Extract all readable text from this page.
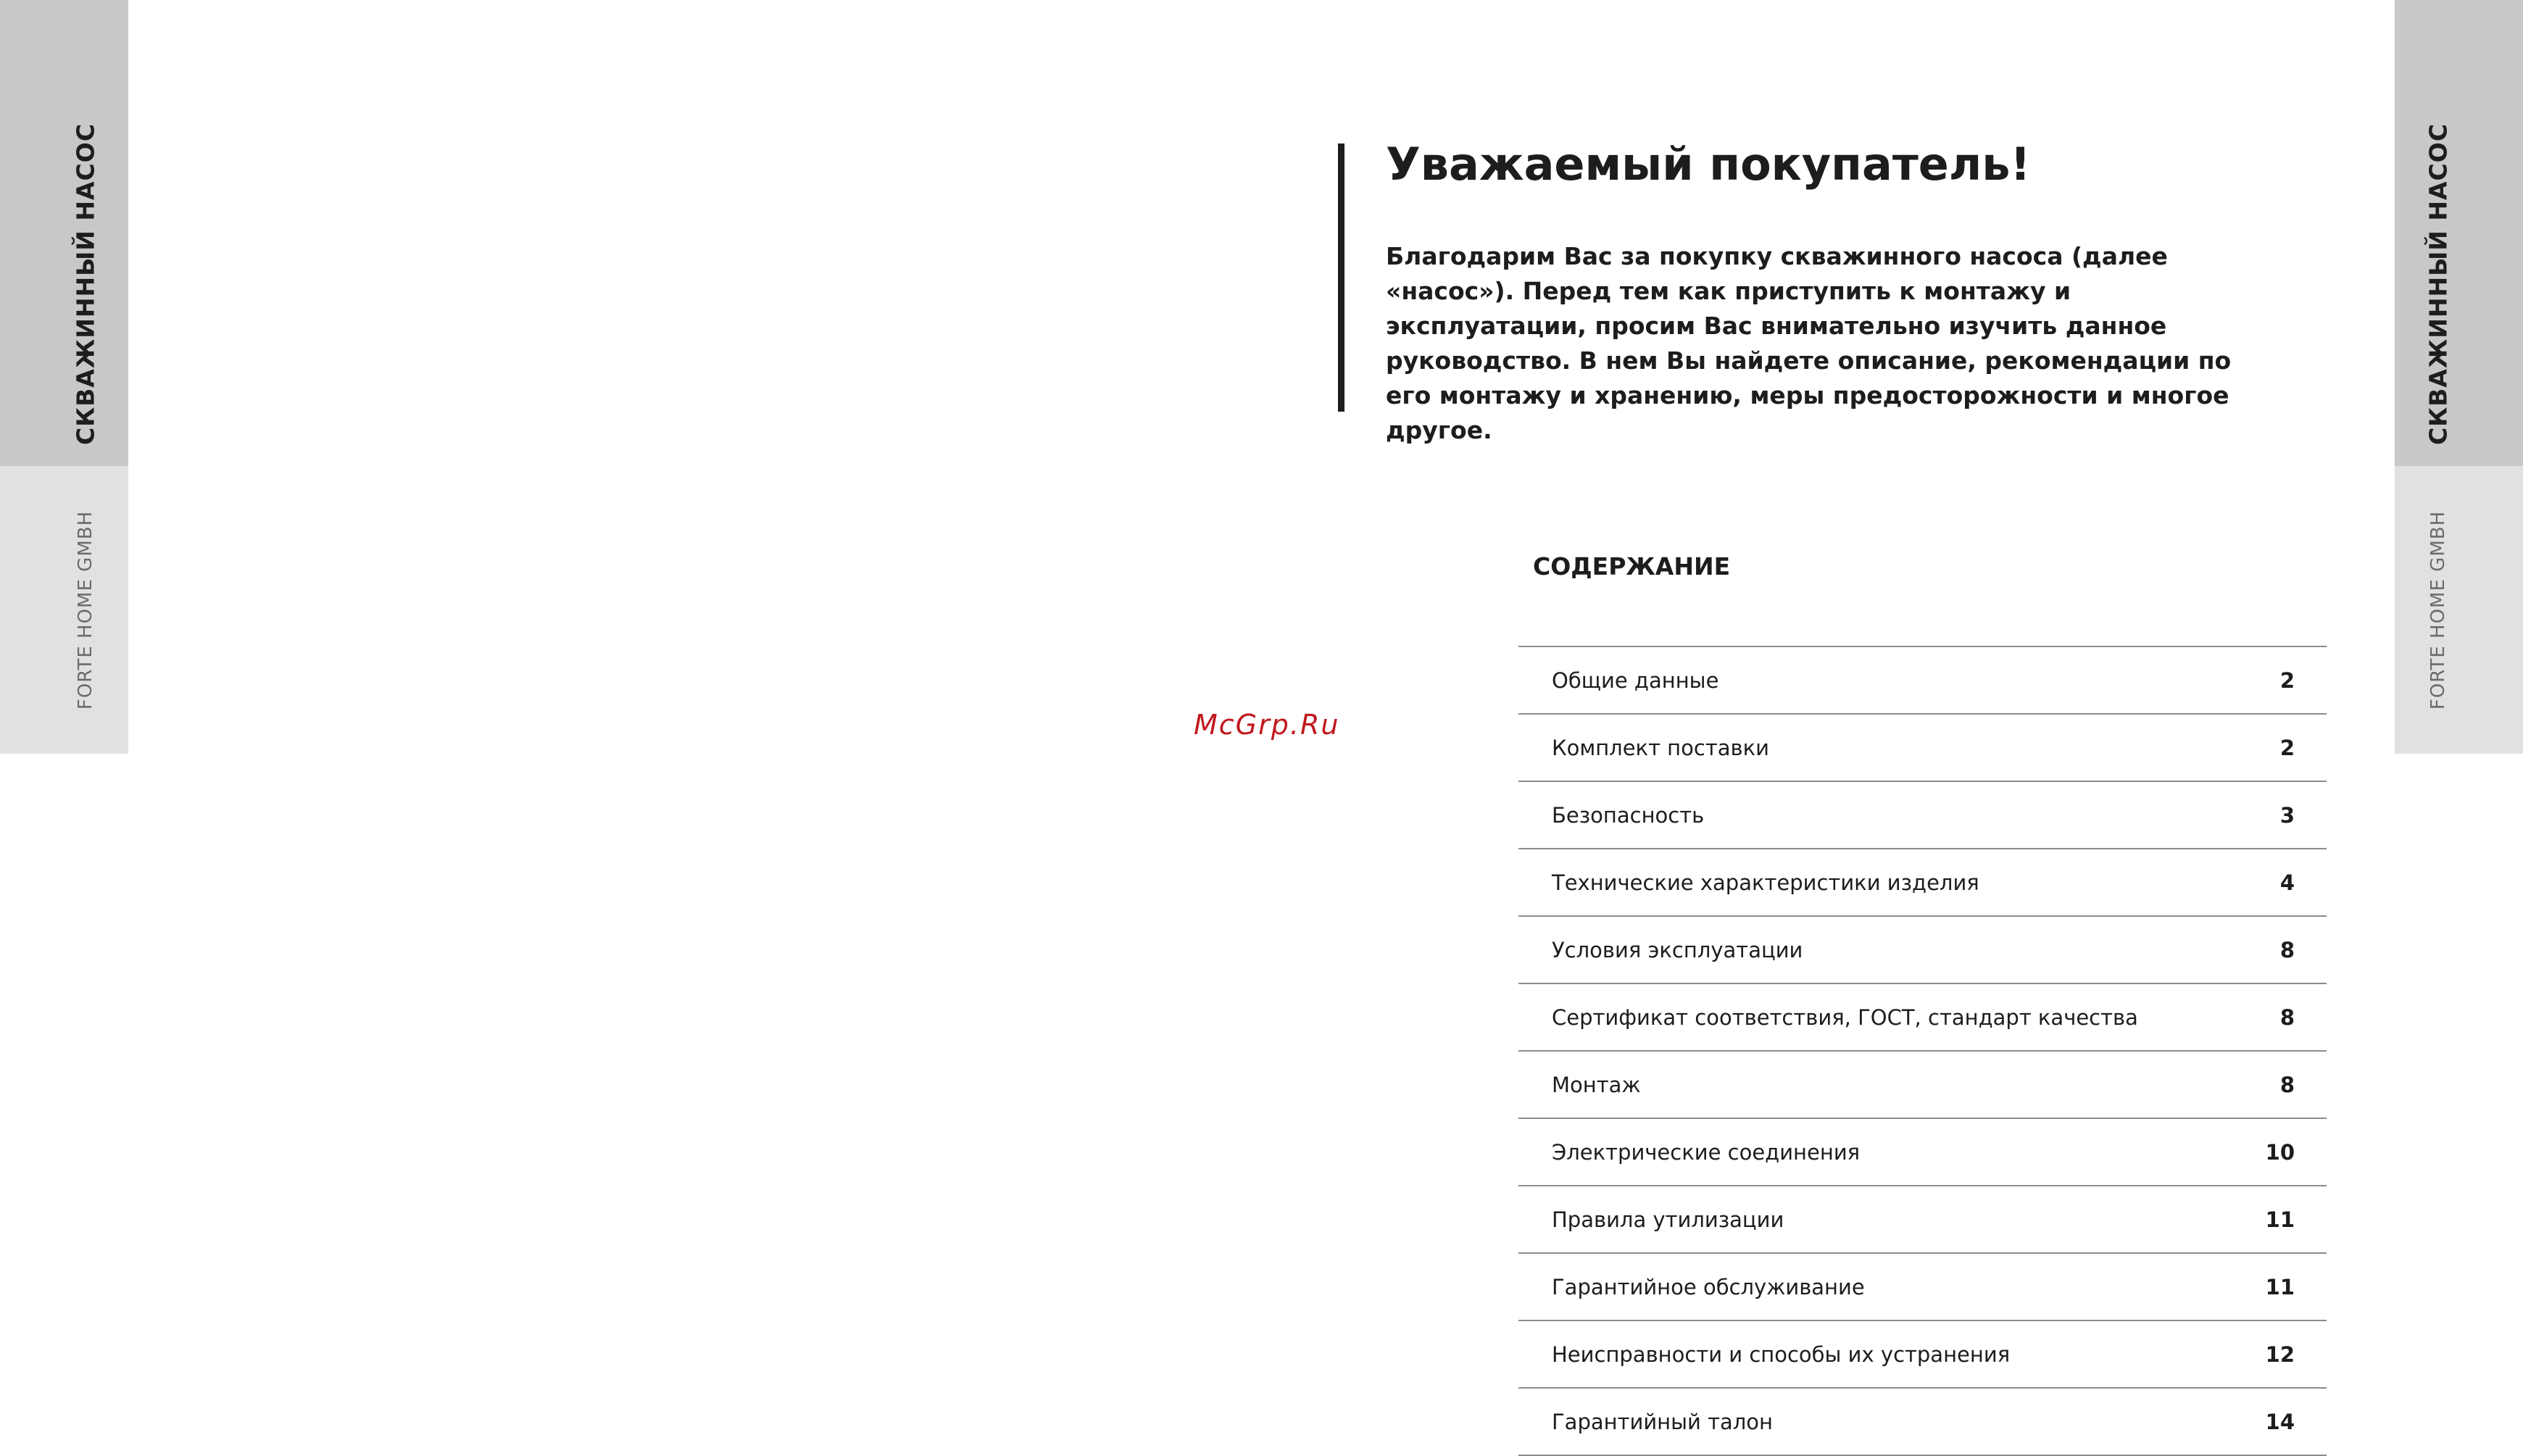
СКВАЖИННЫЙ НАСОС
FORTE HOME GMBH
СКВАЖИННЫЙ НАСОС
FORTE HOME GMBH
McGrp.Ru
Уважаемый покупатель!

Благодарим Вас за покупку скважинного насоса (далее «насос»). Перед тем как приступить к монтажу и эксплуатации, просим Вас внимательно изучить данное руководство. В нем Вы найдете описание, рекомендации по его монтажу и хранению, меры предосторожности и многое другое.

СОДЕРЖАНИЕ
Общие данные	2
Комплект поставки	2
Безопасность	3
Технические характеристики изделия	4
Условия эксплуатации	8
Сертификат соответствия, ГОСТ, стандарт качества	8
Монтаж	8
Электрические соединения	10
Правила утилизации	11
Гарантийное обслуживание	11
Неисправности и способы их устранения	12
Гарантийный талон	14
